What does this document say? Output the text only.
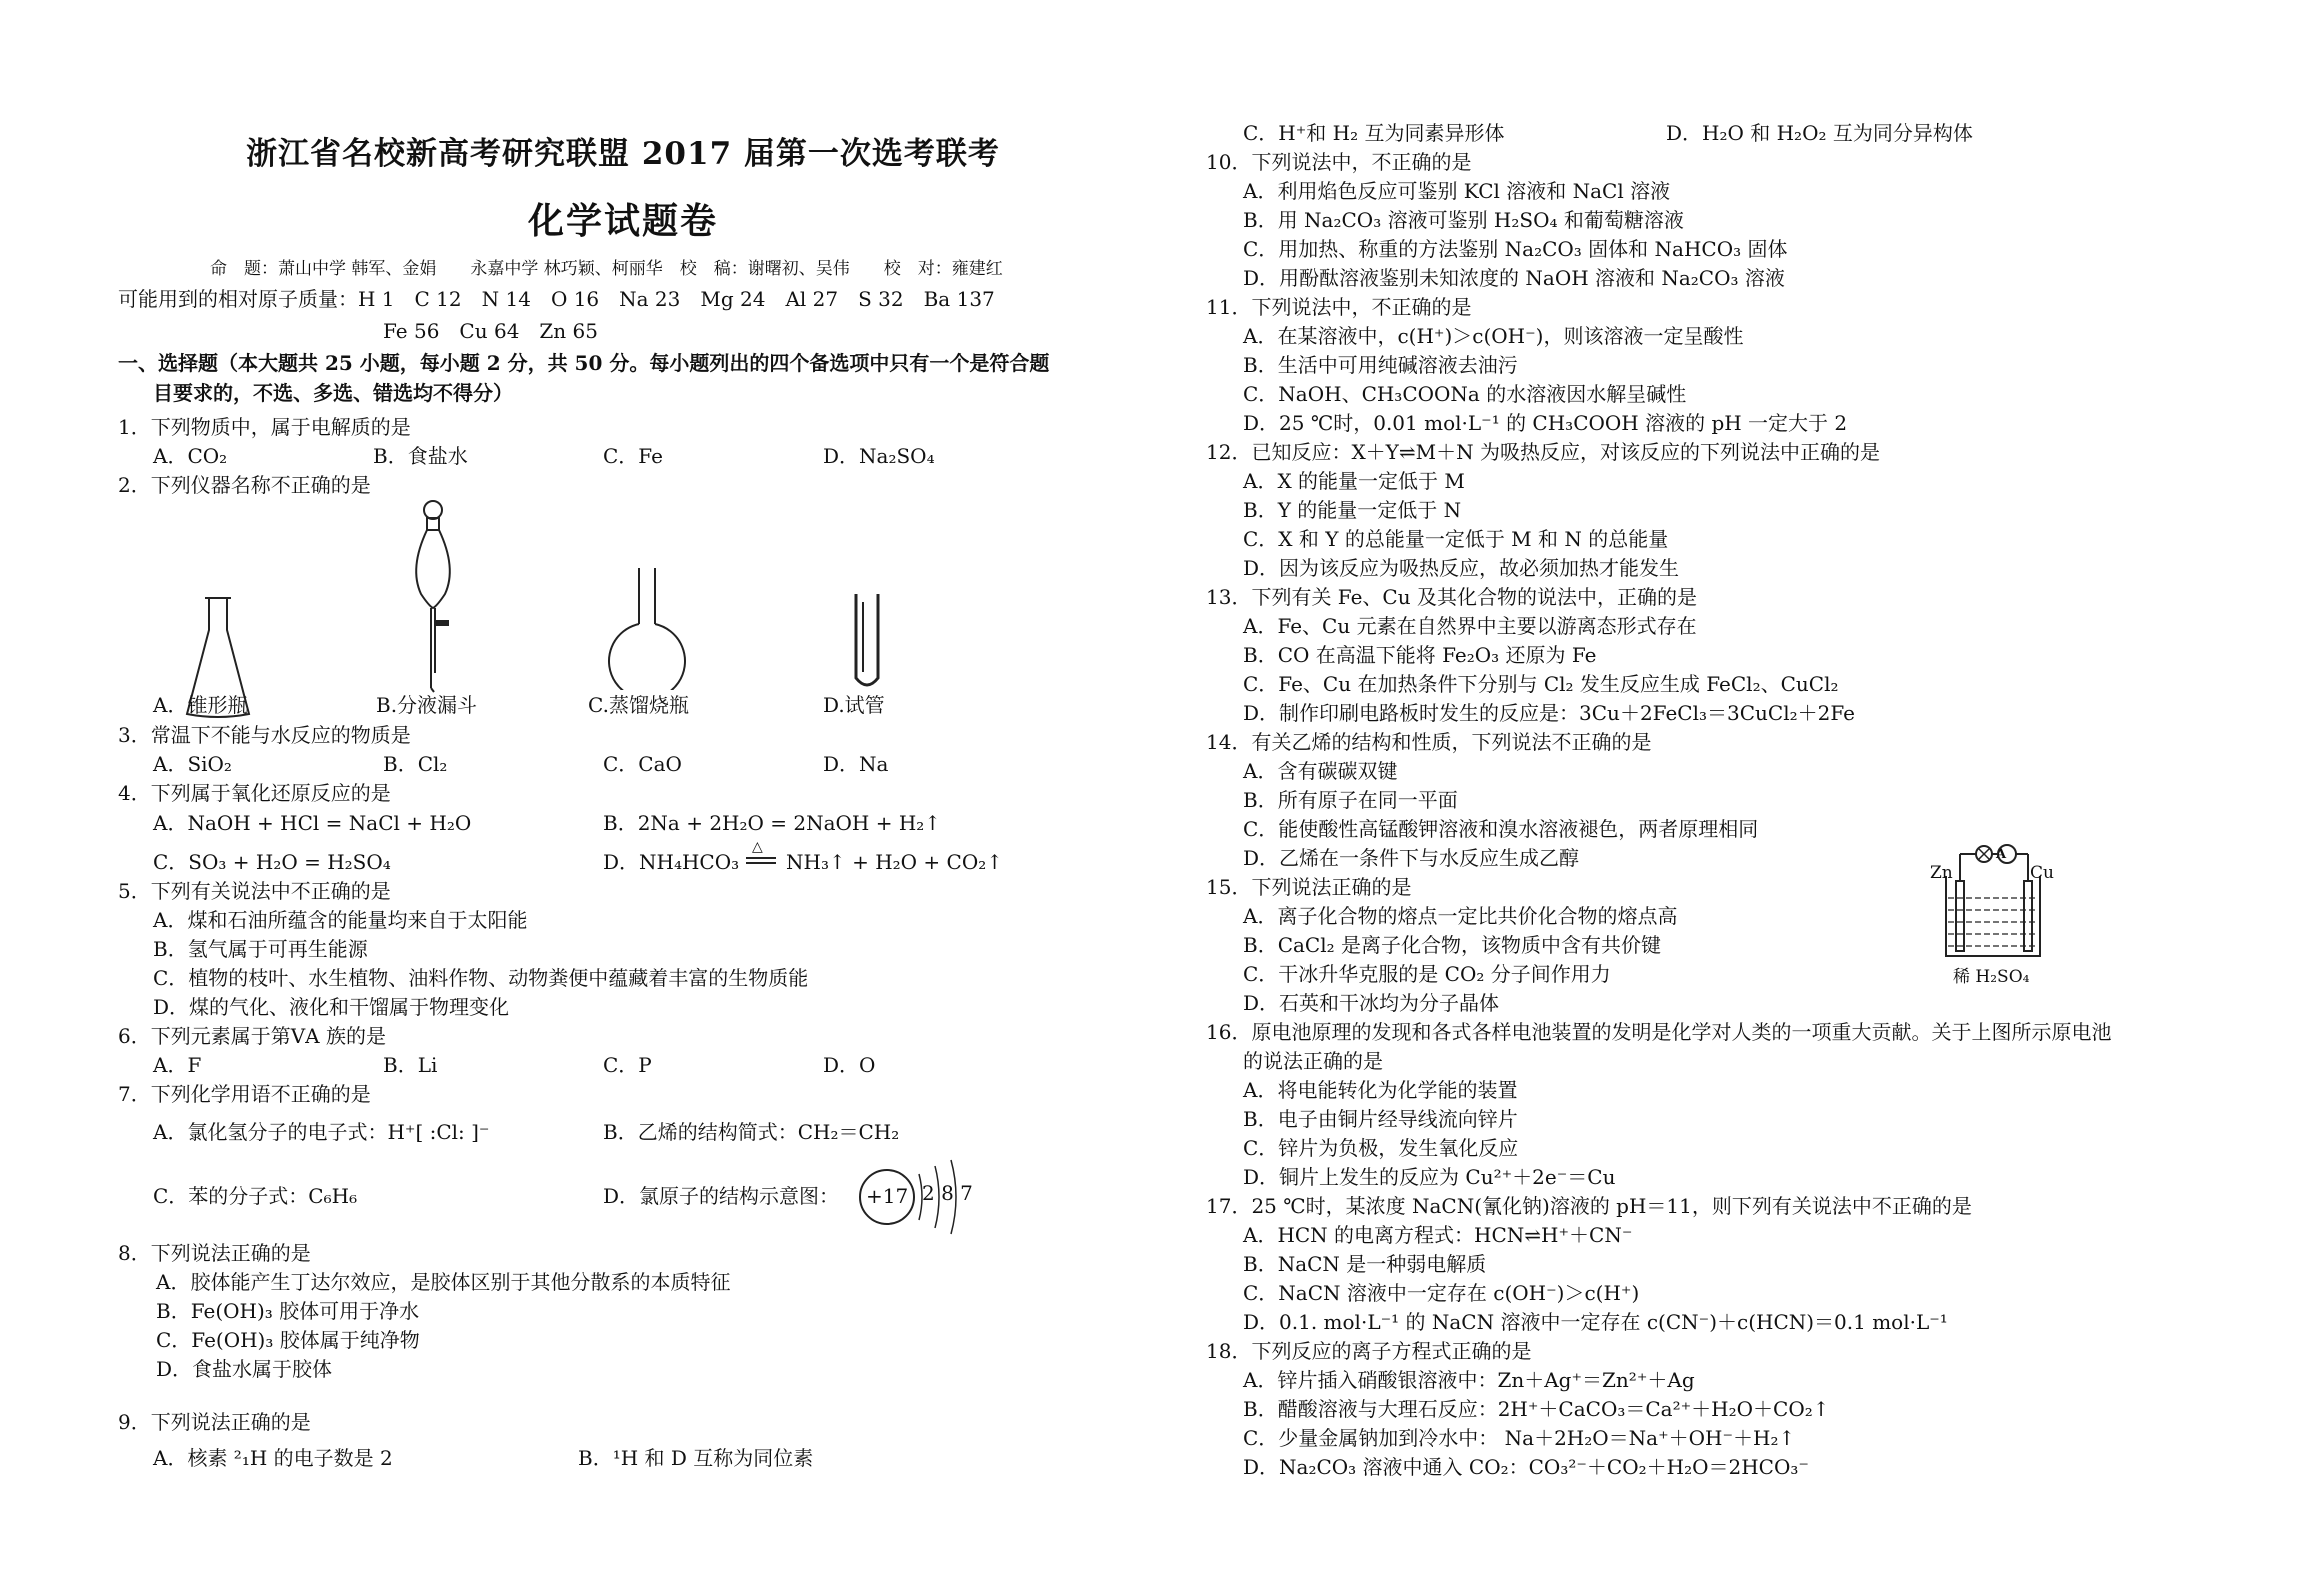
浙江省名校新高考研究联盟 2017 届第一次选考联考
化学试题卷
命　题：萧山中学 韩军、金娟　　永嘉中学 林巧颖、柯丽华　校　稿：谢曙初、吴伟　　校　对：雍建红
可能用到的相对原子质量：H 1　C 12　N 14　O 16　Na 23　Mg 24　Al 27　S 32　Ba 137
Fe 56　Cu 64　Zn 65
一、选择题（本大题共 25 小题，每小题 2 分，共 50 分。每小题列出的四个备选项中只有一个是符合题
目要求的，不选、多选、错选均不得分）
1．下列物质中，属于电解质的是
A．CO₂	B．食盐水	C．Fe	D．Na₂SO₄
2．下列仪器名称不正确的是
A．锥形瓶	B.分液漏斗	C.蒸馏烧瓶	D.试管
3．常温下不能与水反应的物质是
A．SiO₂	B．Cl₂	C．CaO	D．Na
4．下列属于氧化还原反应的是
A．NaOH + HCl = NaCl + H₂O	B．2Na + 2H₂O = 2NaOH + H₂↑
C．SO₃ + H₂O = H₂SO₄	D．NH₄HCO₃
△
NH₃↑ + H₂O + CO₂↑
5．下列有关说法中不正确的是
A．煤和石油所蕴含的能量均来自于太阳能
B．氢气属于可再生能源
C．植物的枝叶、水生植物、油料作物、动物粪便中蕴藏着丰富的生物质能
D．煤的气化、液化和干馏属于物理变化
6．下列元素属于第ⅤA 族的是
A．F	B．Li	C．P	D．O
7．下列化学用语不正确的是
A．氯化氢分子的电子式：H⁺[ :Cl: ]⁻	B．乙烯的结构简式：CH₂＝CH₂
C．苯的分子式：C₆H₆	D．氯原子的结构示意图： +17 2 8 7
8．下列说法正确的是
A．胶体能产生丁达尔效应，是胶体区别于其他分散系的本质特征
B．Fe(OH)₃ 胶体可用于净水
C．Fe(OH)₃ 胶体属于纯净物
D．食盐水属于胶体
9．下列说法正确的是
A．核素 ²₁H 的电子数是 2	B．¹H 和 D 互称为同位素
C．H⁺和 H₂ 互为同素异形体	D．H₂O 和 H₂O₂ 互为同分异构体
10．下列说法中，不正确的是
A．利用焰色反应可鉴别 KCl 溶液和 NaCl 溶液
B．用 Na₂CO₃ 溶液可鉴别 H₂SO₄ 和葡萄糖溶液
C．用加热、称重的方法鉴别 Na₂CO₃ 固体和 NaHCO₃ 固体
D．用酚酞溶液鉴别未知浓度的 NaOH 溶液和 Na₂CO₃ 溶液
11．下列说法中，不正确的是
A．在某溶液中，c(H⁺)＞c(OH⁻)，则该溶液一定呈酸性
B．生活中可用纯碱溶液去油污
C．NaOH、CH₃COONa 的水溶液因水解呈碱性
D．25 ℃时，0.01 mol·L⁻¹ 的 CH₃COOH 溶液的 pH 一定大于 2
12．已知反应：X＋Y⇌M＋N 为吸热反应，对该反应的下列说法中正确的是
A．X 的能量一定低于 M
B．Y 的能量一定低于 N
C．X 和 Y 的总能量一定低于 M 和 N 的总能量
D．因为该反应为吸热反应，故必须加热才能发生
13．下列有关 Fe、Cu 及其化合物的说法中，正确的是
A．Fe、Cu 元素在自然界中主要以游离态形式存在
B．CO 在高温下能将 Fe₂O₃ 还原为 Fe
C．Fe、Cu 在加热条件下分别与 Cl₂ 发生反应生成 FeCl₂、CuCl₂
D．制作印刷电路板时发生的反应是：3Cu＋2FeCl₃＝3CuCl₂＋2Fe
14．有关乙烯的结构和性质，下列说法不正确的是
A．含有碳碳双键
B．所有原子在同一平面
C．能使酸性高锰酸钾溶液和溴水溶液褪色，两者原理相同
D．乙烯在一条件下与水反应生成乙醇
15．下列说法正确的是
A．离子化合物的熔点一定比共价化合物的熔点高
B．CaCl₂ 是离子化合物，该物质中含有共价键
C．干冰升华克服的是 CO₂ 分子间作用力
D．石英和干冰均为分子晶体
A
Zn	Cu
稀 H₂SO₄
16．原电池原理的发现和各式各样电池装置的发明是化学对人类的一项重大贡献。关于上图所示原电池
的说法正确的是
A．将电能转化为化学能的装置
B．电子由铜片经导线流向锌片
C．锌片为负极，发生氧化反应
D．铜片上发生的反应为 Cu²⁺＋2e⁻＝Cu
17．25 ℃时，某浓度 NaCN(氰化钠)溶液的 pH＝11，则下列有关说法中不正确的是
A．HCN 的电离方程式：HCN⇌H⁺＋CN⁻
B．NaCN 是一种弱电解质
C．NaCN 溶液中一定存在 c(OH⁻)＞c(H⁺)
D．0.1. mol·L⁻¹ 的 NaCN 溶液中一定存在 c(CN⁻)＋c(HCN)＝0.1 mol·L⁻¹
18．下列反应的离子方程式正确的是
A．锌片插入硝酸银溶液中：Zn＋Ag⁺＝Zn²⁺＋Ag
B．醋酸溶液与大理石反应：2H⁺＋CaCO₃＝Ca²⁺＋H₂O＋CO₂↑
C．少量金属钠加到冷水中： Na＋2H₂O＝Na⁺＋OH⁻＋H₂↑
D．Na₂CO₃ 溶液中通入 CO₂：CO₃²⁻＋CO₂＋H₂O＝2HCO₃⁻
